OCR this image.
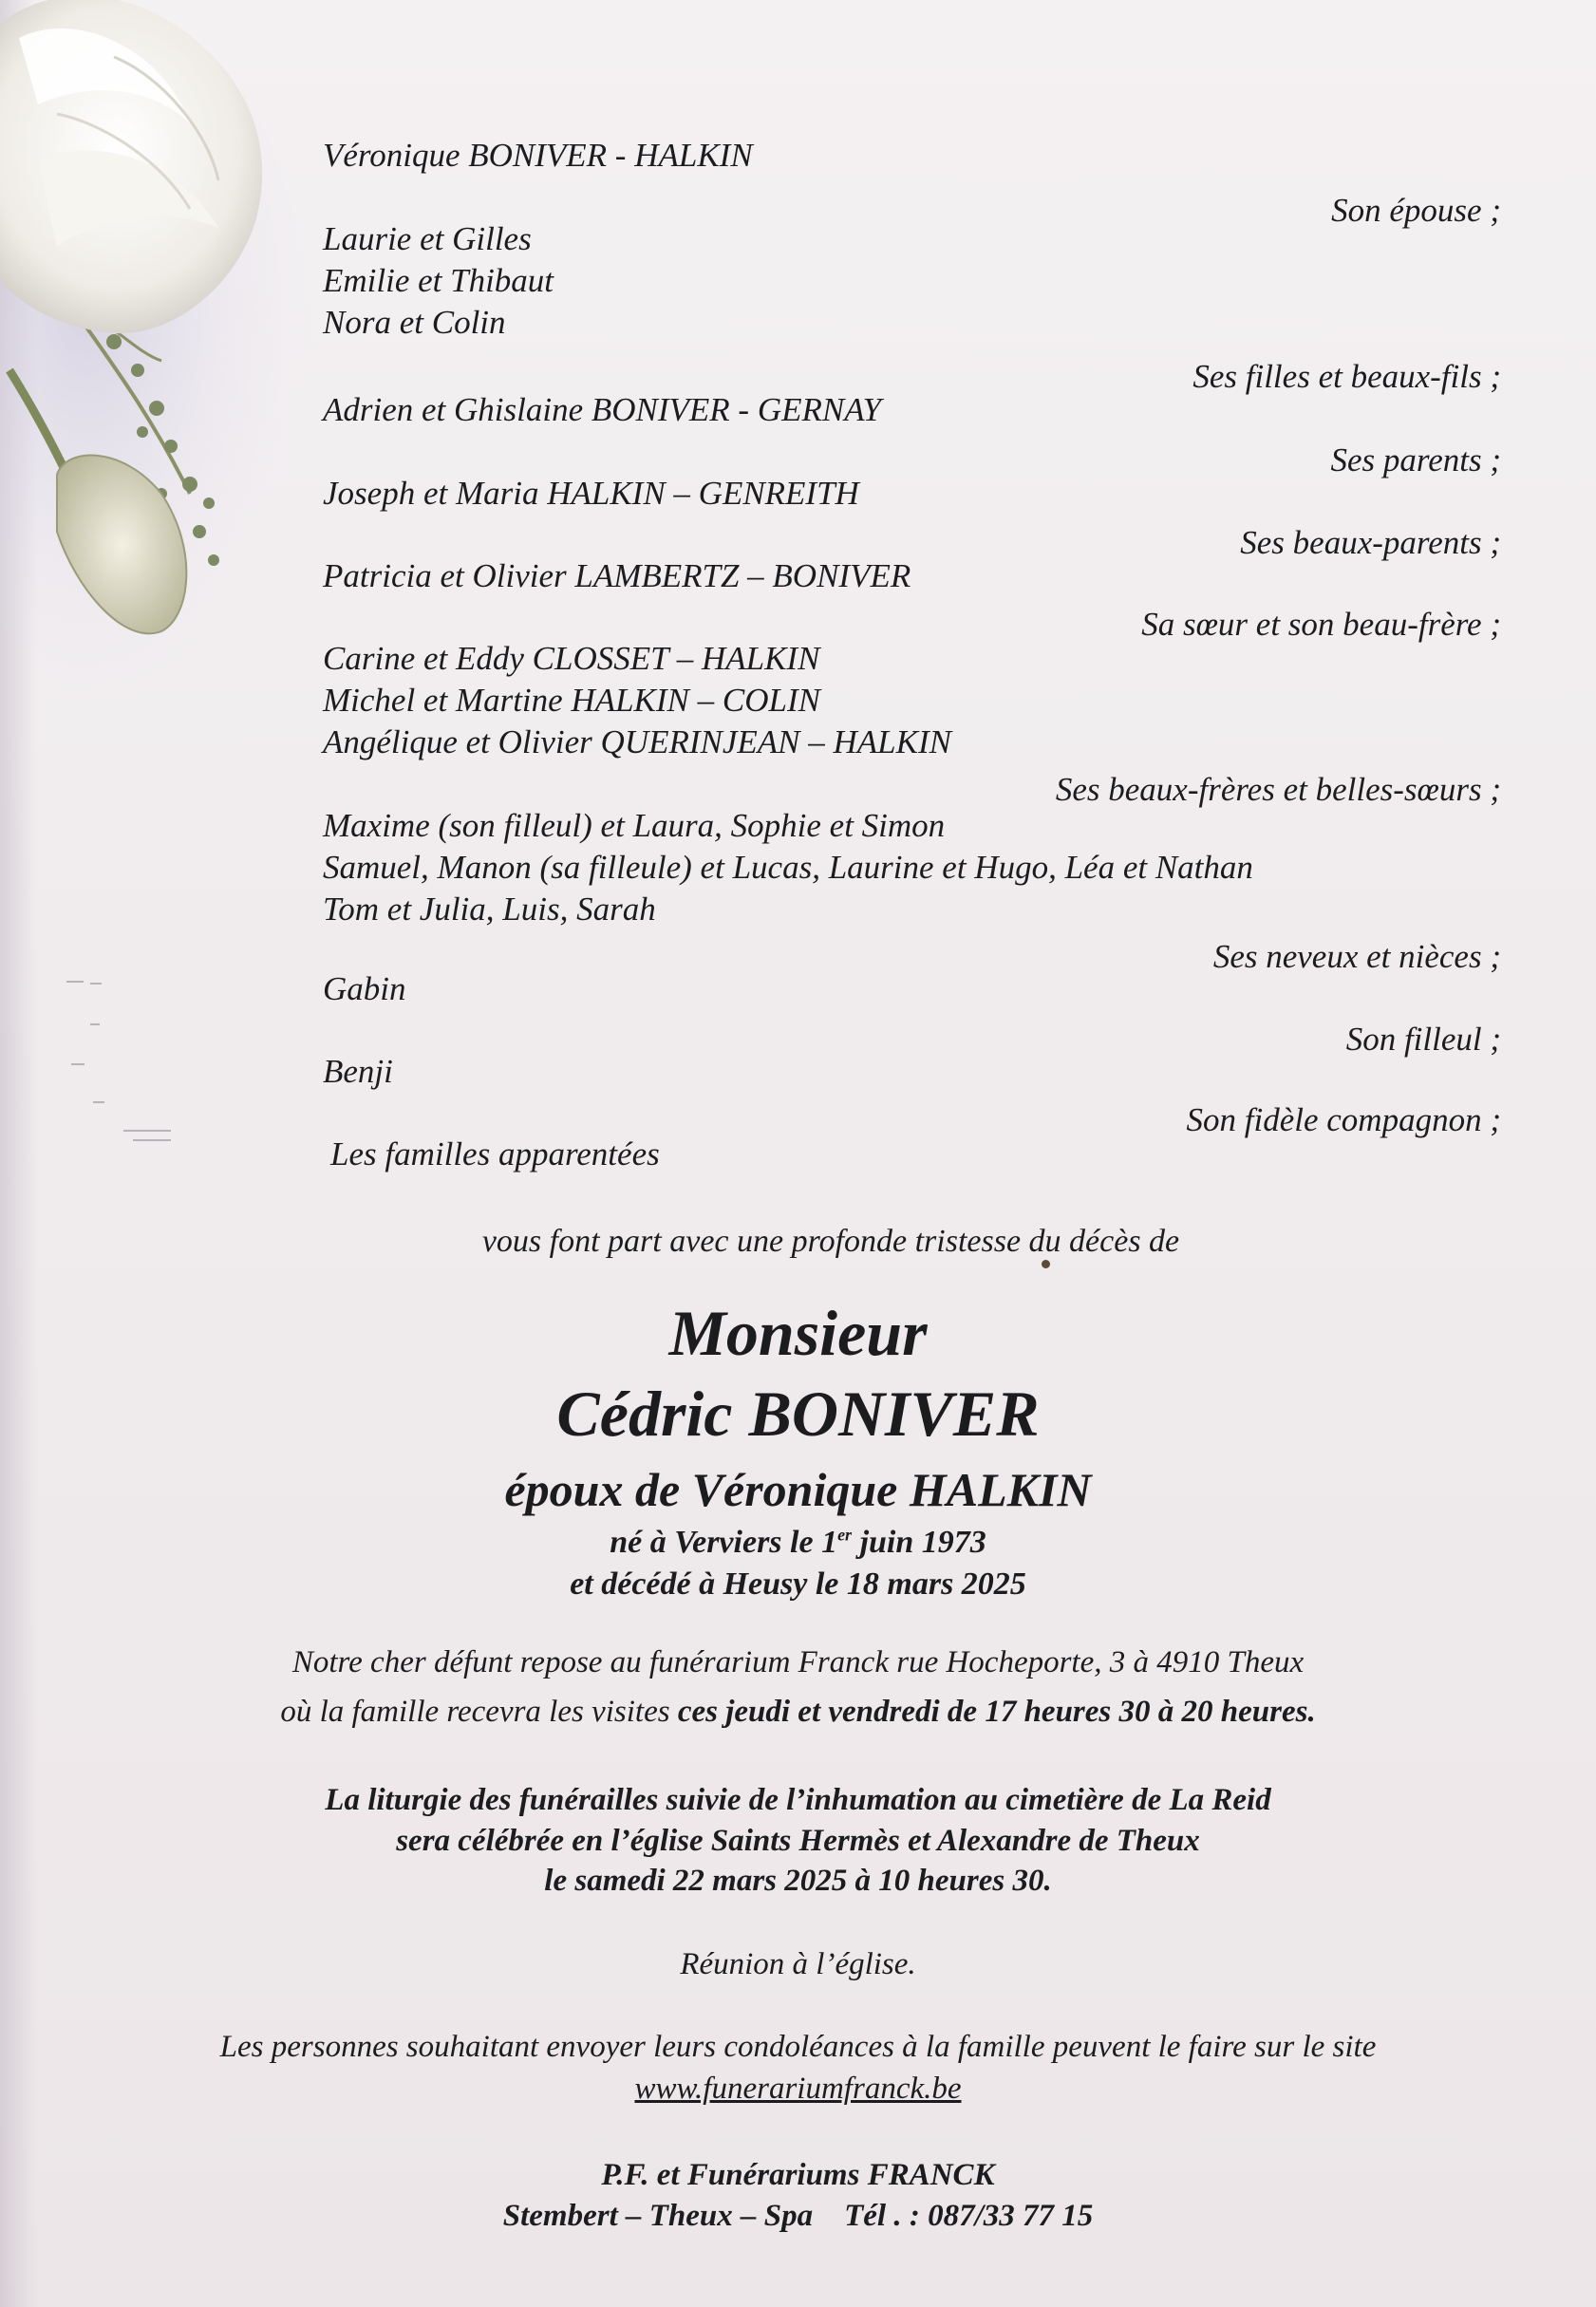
Véronique BONIVER - HALKIN
Son épouse ;
Laurie et Gilles
Emilie et Thibaut
Nora et Colin
Ses filles et beaux-fils ;
Adrien et Ghislaine BONIVER - GERNAY
Ses parents ;
Joseph et Maria HALKIN – GENREITH
Ses beaux-parents ;
Patricia et Olivier LAMBERTZ – BONIVER
Sa sœur et son beau-frère ;
Carine et Eddy CLOSSET – HALKIN
Michel et Martine HALKIN – COLIN
Angélique et Olivier QUERINJEAN – HALKIN
Ses beaux-frères et belles-sœurs ;
Maxime (son filleul) et Laura, Sophie et Simon
Samuel, Manon (sa filleule) et Lucas, Laurine et Hugo, Léa et Nathan
Tom et Julia, Luis, Sarah
Ses neveux et nièces ;
Gabin
Son filleul ;
Benji
Son fidèle compagnon ;
Les familles apparentées
vous font part avec une profonde tristesse du décès de
Monsieur
Cédric BONIVER
époux de Véronique HALKIN
né à Verviers le 1er juin 1973
et décédé à Heusy le 18 mars 2025
Notre cher défunt repose au funérarium Franck rue Hocheporte, 3 à 4910 Theux
où la famille recevra les visites ces jeudi et vendredi de 17 heures 30 à 20 heures.
La liturgie des funérailles suivie de l’inhumation au cimetière de La Reid
sera célébrée en l’église Saints Hermès et Alexandre de Theux
le samedi 22 mars 2025 à 10 heures 30.
Réunion à l’église.
Les personnes souhaitant envoyer leurs condoléances à la famille peuvent le faire sur le site
www.funerariumfranck.be
P.F. et Funérariums FRANCK
Stembert – Theux – Spa Tél . : 087/33 77 15
